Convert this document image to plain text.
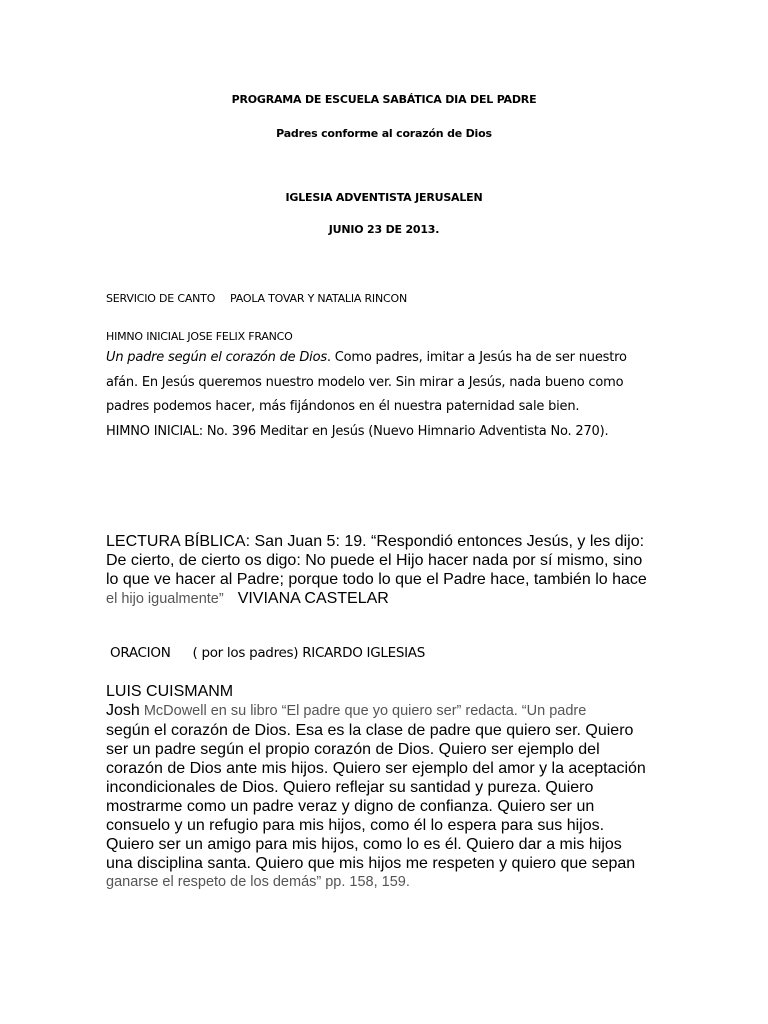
PROGRAMA DE ESCUELA SABÁTICA DIA DEL PADRE
Padres conforme al corazón de Dios
IGLESIA ADVENTISTA JERUSALEN
JUNIO 23 DE 2013.
SERVICIO DE CANTO PAOLA TOVAR Y NATALIA RINCON
HIMNO INICIAL JOSE FELIX FRANCO
Un padre según el corazón de Dios. Como padres, imitar a Jesús ha de ser nuestro
afán. En Jesús queremos nuestro modelo ver. Sin mirar a Jesús, nada bueno como
padres podemos hacer, más fijándonos en él nuestra paternidad sale bien.
HIMNO INICIAL: No. 396 Meditar en Jesús (Nuevo Himnario Adventista No. 270).
LECTURA BÍBLICA: San Juan 5: 19. “Respondió entonces Jesús, y les dijo:
De cierto, de cierto os digo: No puede el Hijo hacer nada por sí mismo, sino
lo que ve hacer al Padre; porque todo lo que el Padre hace, también lo hace
el hijo igualmente” VIVIANA CASTELAR
ORACION ( por los padres) RICARDO IGLESIAS
LUIS CUISMANM
Josh McDowell en su libro “El padre que yo quiero ser” redacta. “Un padre
según el corazón de Dios. Esa es la clase de padre que quiero ser. Quiero
ser un padre según el propio corazón de Dios. Quiero ser ejemplo del
corazón de Dios ante mis hijos. Quiero ser ejemplo del amor y la aceptación
incondicionales de Dios. Quiero reflejar su santidad y pureza. Quiero
mostrarme como un padre veraz y digno de confianza. Quiero ser un
consuelo y un refugio para mis hijos, como él lo espera para sus hijos.
Quiero ser un amigo para mis hijos, como lo es él. Quiero dar a mis hijos
una disciplina santa. Quiero que mis hijos me respeten y quiero que sepan
ganarse el respeto de los demás” pp. 158, 159.
